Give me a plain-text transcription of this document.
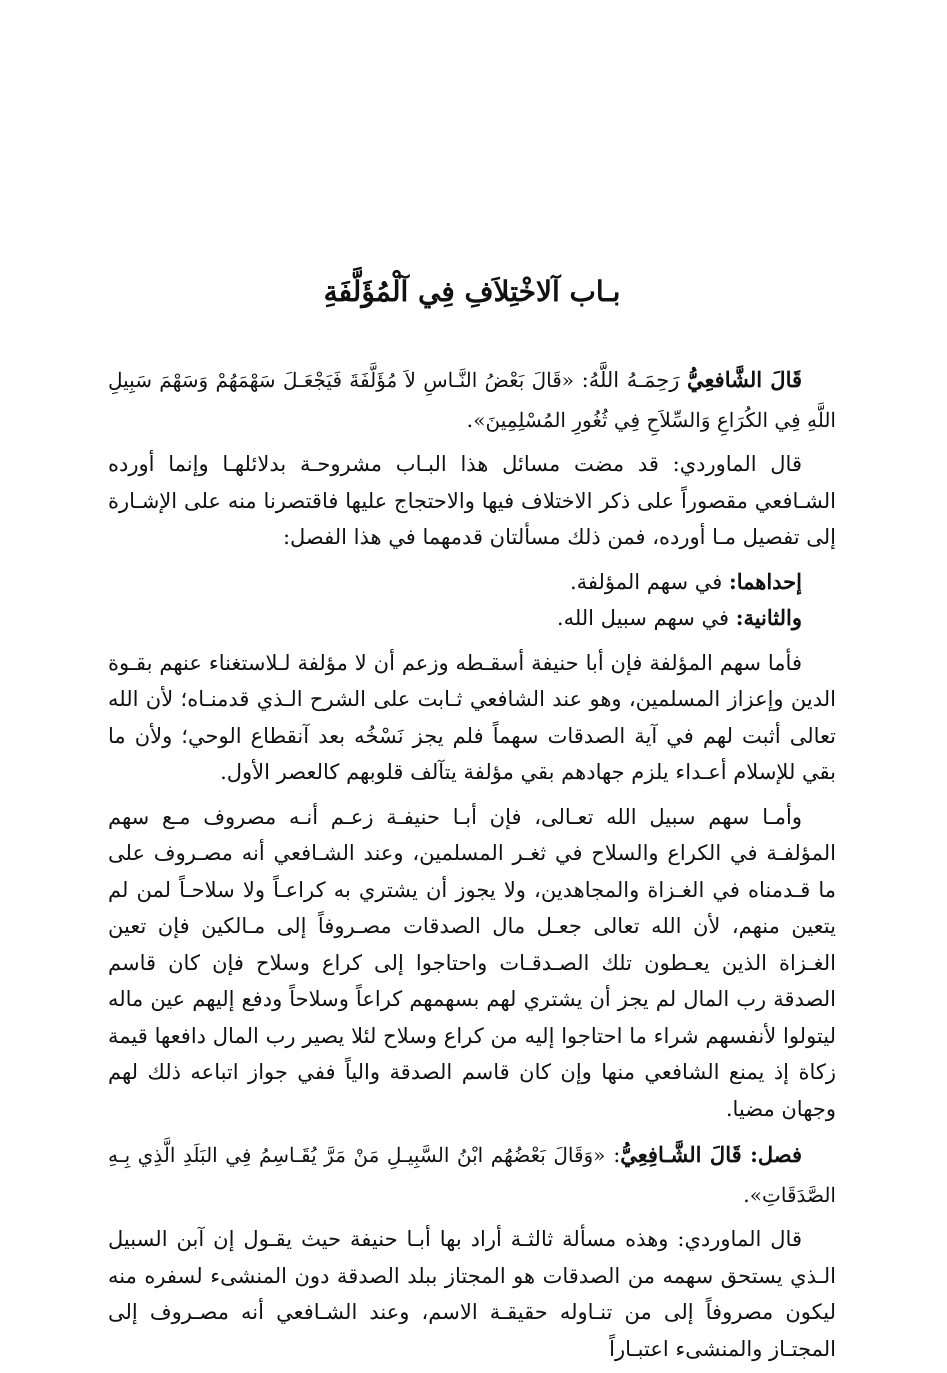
بـاب آلاخْتِلاَفِ فِي آلْمُؤَلَّفَةِ

قَالَ الشَّافعِيُّ رَحِمَـهُ اللَّهُ: «قَالَ بَعْضُ النَّـاسِ لاَ مُؤَلَّفَةَ فَيَجْعَـلَ سَهْمَهُمْ وَسَهْمَ سَبِيلِ اللَّهِ فِي الكُرَاعِ وَالسِّلاَحِ فِي ثُغُورِ المُسْلِمِينَ».

قال الماوردي: قد مضت مسائل هذا البـاب مشروحـة بدلائلهـا وإنما أورده الشـافعي مقصوراً على ذكر الاختلاف فيها والاحتجاج عليها فاقتصرنا منه على الإشـارة إلى تفصيل مـا أورده، فمن ذلك مسألتان قدمهما في هذا الفصل:

إحداهما: في سهم المؤلفة.

والثانية: في سهم سبيل الله.

فأما سهم المؤلفة فإن أبا حنيفة أسقـطه وزعم أن لا مؤلفة لـلاستغناء عنهم بقـوة الدين وإعزاز المسلمين، وهو عند الشافعي ثـابت على الشرح الـذي قدمنـاه؛ لأن الله تعالى أثبت لهم في آية الصدقات سهماً فلم يجز نَسْخُه بعد آنقطاع الوحي؛ ولأن ما بقي للإسلام أعـداء يلزم جهادهم بقي مؤلفة يتآلف قلوبهم كالعصر الأول.

وأمـا سهم سبيل الله تعـالى، فإن أبـا حنيفـة زعـم أنـه مصروف مـع سهم المؤلفـة في الكراع والسلاح في ثغـر المسلمين، وعند الشـافعي أنه مصـروف على ما قـدمناه في الغـزاة والمجاهدين، ولا يجوز أن يشتري به كراعـاً ولا سلاحـاً لمن لم يتعين منهم، لأن الله تعالى جعـل مال الصدقات مصـروفاً إلى مـالكين فإن تعين الغـزاة الذين يعـطون تلك الصـدقـات واحتاجوا إلى كراع وسلاح فإن كان قاسم الصدقة رب المال لم يجز أن يشتري لهم بسهمهم كراعاً وسلاحاً ودفع إليهم عين ماله ليتولوا لأنفسهم شراء ما احتاجوا إليه من كراع وسلاح لئلا يصير رب المال دافعها قيمة زكاة إذ يمنع الشافعي منها وإن كان قاسم الصدقة والياً ففي جواز اتباعه ذلك لهم وجهان مضيا.

فصل: قَالَ الشَّـافِعِيُّ: «وَقَالَ بَعْضُهُم ابْنُ السَّبِيـلِ مَنْ مَرَّ يُقَـاسِمُ فِي البَلَدِ الَّذِي بِـهِ الصَّدَقَاتِ».

قال الماوردي: وهذه مسألة ثالثـة أراد بها أبـا حنيفة حيث يقـول إن آبن السبيل الـذي يستحق سهمه من الصدقات هو المجتاز ببلد الصدقة دون المنشىء لسفره منه ليكون مصروفاً إلى من تنـاوله حقيقـة الاسم، وعند الشـافعي أنه مصـروف إلى المجتـاز والمنشىء اعتبـاراً
